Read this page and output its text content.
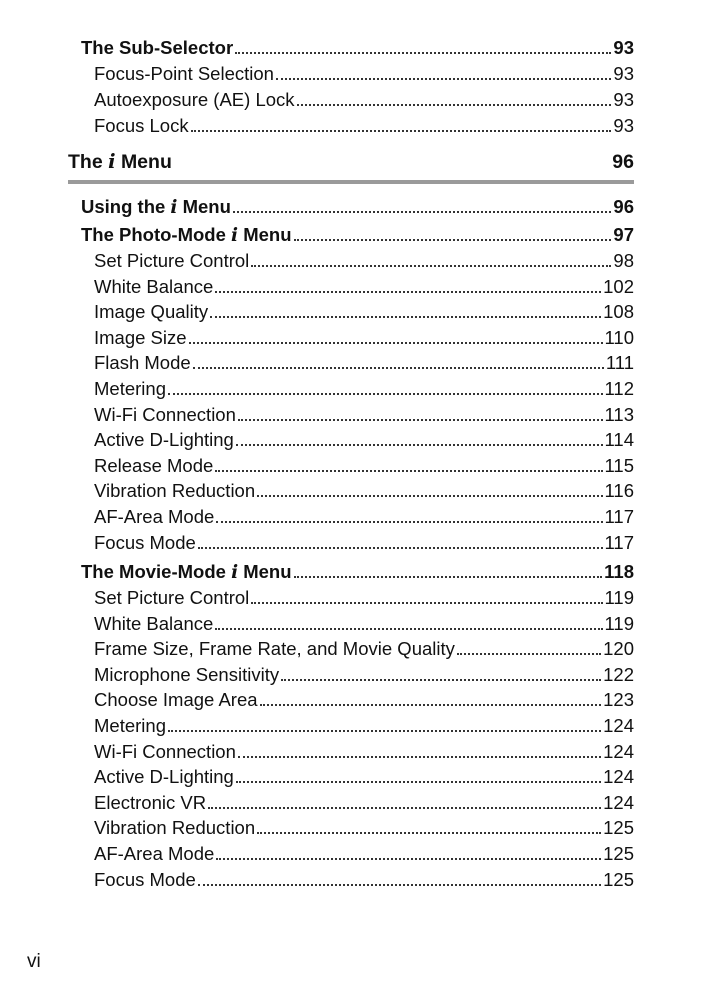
The Sub-Selector	93
Focus-Point Selection	93
Autoexposure (AE) Lock	93
Focus Lock	93
The 𝒊 Menu	96
Using the 𝒊 Menu	96
The Photo-Mode 𝒊 Menu	97
Set Picture Control	98
White Balance	102
Image Quality	108
Image Size	110
Flash Mode	111
Metering	112
Wi-Fi Connection	113
Active D-Lighting	114
Release Mode	115
Vibration Reduction	116
AF-Area Mode	117
Focus Mode	117
The Movie-Mode 𝒊 Menu	118
Set Picture Control	119
White Balance	119
Frame Size, Frame Rate, and Movie Quality	120
Microphone Sensitivity	122
Choose Image Area	123
Metering	124
Wi-Fi Connection	124
Active D-Lighting	124
Electronic VR	124
Vibration Reduction	125
AF-Area Mode	125
Focus Mode	125
vi
